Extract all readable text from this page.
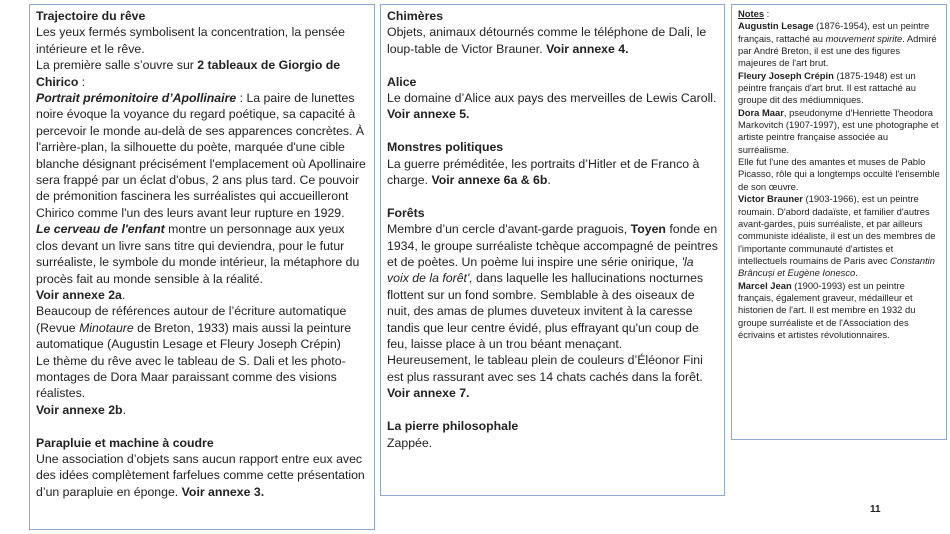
Trajectoire du rêve

Les yeux fermés symbolisent la concentration, la pensée intérieure et le rêve.

La première salle s’ouvre sur 2 tableaux de Giorgio de Chirico :

Portrait prémonitoire d’Apollinaire : La paire de lunettes noire évoque la voyance du regard poétique, sa capacité à percevoir le monde au-delà de ses apparences concrètes. À l'arrière-plan, la silhouette du poète, marquée d'une cible blanche désignant précisément l'emplacement où Apollinaire sera frappé par un éclat d'obus, 2 ans plus tard. Ce pouvoir de prémonition fascinera les surréalistes qui accueilleront Chirico comme l'un des leurs avant leur rupture en 1929.

Le cerveau de l'enfant montre un personnage aux yeux clos devant un livre sans titre qui deviendra, pour le futur surréaliste, le symbole du monde intérieur, la métaphore du procès fait au monde sensible à la réalité.

Voir annexe 2a.

Beaucoup de références autour de l’écriture automatique (Revue Minotaure de Breton, 1933) mais aussi la peinture automatique (Augustin Lesage et Fleury Joseph Crépin)

Le thème du rêve avec le tableau de S. Dali et les photo-montages de Dora Maar paraissant comme des visions réalistes.

Voir annexe 2b.

Parapluie et machine à coudre

Une association d’objets sans aucun rapport entre eux avec des idées complètement farfelues comme cette présentation d’un parapluie en éponge. Voir annexe 3.

Chimères

Objets, animaux détournés comme le téléphone de Dali, le loup-table de Victor Brauner. Voir annexe 4.

Alice

Le domaine d’Alice aux pays des merveilles de Lewis Caroll.

Voir annexe 5.

Monstres politiques

La guerre préméditée, les portraits d’Hitler et de Franco à charge. Voir annexe 6a & 6b.

Forêts

Membre d’un cercle d'avant-garde praguois, Toyen fonde en 1934, le groupe surréaliste tchèque accompagné de peintres et de poètes. Un poème lui inspire une série onirique, 'la voix de la forêt', dans laquelle les hallucinations nocturnes flottent sur un fond sombre. Semblable à des oiseaux de nuit, des amas de plumes duveteux invitent à la caresse tandis que leur centre évidé, plus effrayant qu'un coup de feu, laisse place à un trou béant menaçant.

Heureusement, le tableau plein de couleurs d’Éléonor Fini est plus rassurant avec ses 14 chats cachés dans la forêt.

Voir annexe 7.

La pierre philosophale

Zappée.

Notes :

Augustin Lesage (1876-1954), est un peintre français, rattaché au mouvement spirite. Admiré par André Breton, il est une des figures majeures de l'art brut.

Fleury Joseph Crépin (1875-1948) est un peintre français d'art brut. Il est rattaché au groupe dit des médiumniques.

Dora Maar, pseudonyme d'Henriette Theodora Markovitch (1907-1997), est une photographe et artiste peintre française associée au surréalisme.

Elle fut l'une des amantes et muses de Pablo Picasso, rôle qui a longtemps occulté l'ensemble de son œuvre.

Victor Brauner (1903-1966), est un peintre roumain. D'abord dadaïste, et familier d'autres avant-gardes, puis surréaliste, et par ailleurs communiste idéaliste, il est un des membres de l'importante communauté d'artistes et intellectuels roumains de Paris avec Constantin Brâncuși et Eugène Ionesco.

Marcel Jean (1900-1993) est un peintre français, également graveur, médailleur et historien de l'art. Il est membre en 1932 du groupe surréaliste et de l'Association des écrivains et artistes révolutionnaires.

11
